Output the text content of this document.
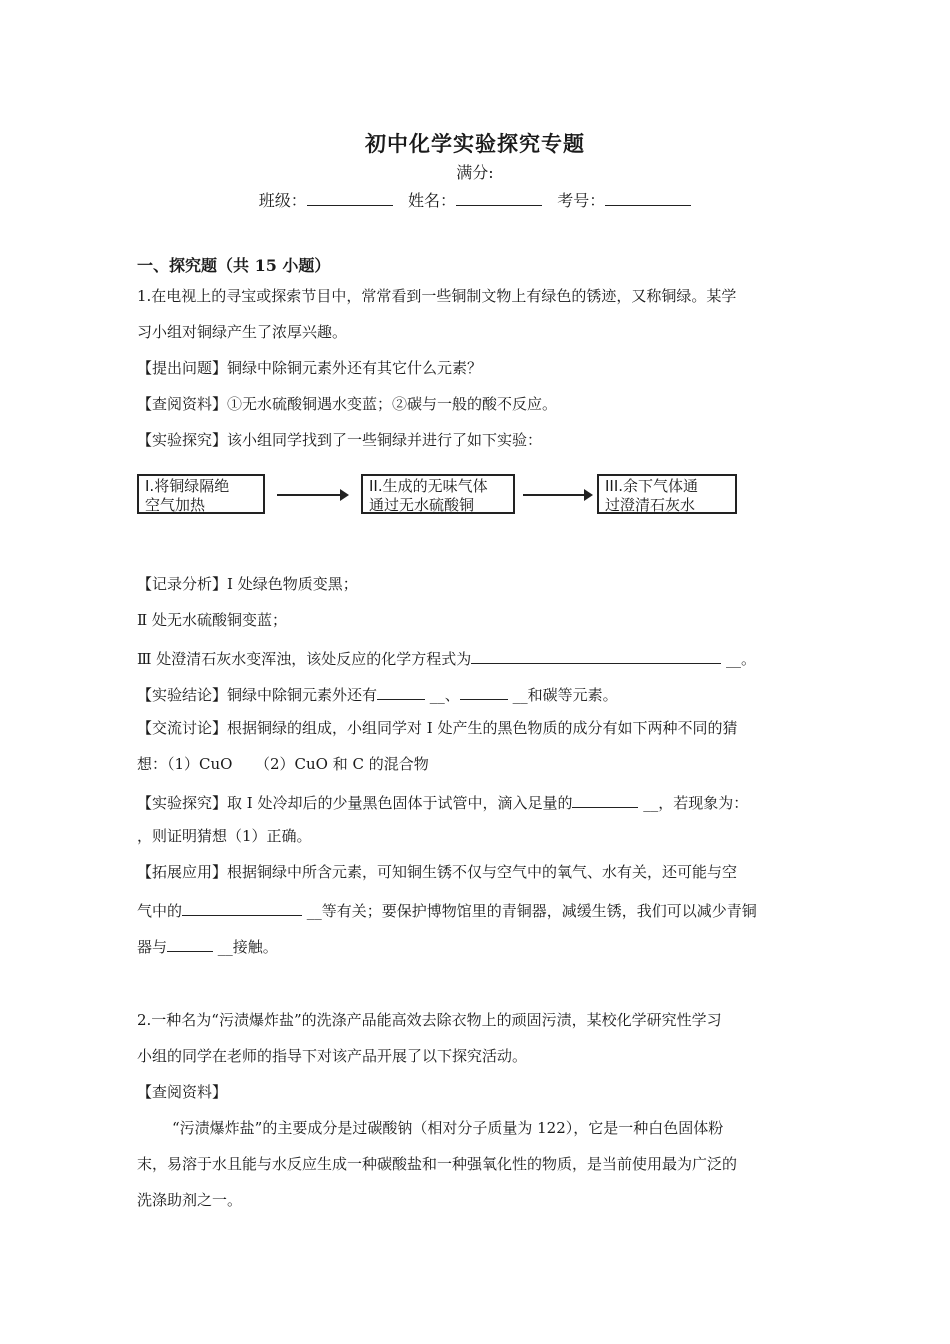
初中化学实验探究专题
满分:
班级：	姓名：	考号：
一、探究题（共 15 小题）
1.在电视上的寻宝或探索节目中，常常看到一些铜制文物上有绿色的锈迹，又称铜绿。某学
习小组对铜绿产生了浓厚兴趣。
【提出问题】铜绿中除铜元素外还有其它什么元素？
【查阅资料】①无水硫酸铜遇水变蓝；②碳与一般的酸不反应。
【实验探究】该小组同学找到了一些铜绿并进行了如下实验：
I.将铜绿隔绝
空气加热
II.生成的无味气体
通过无水硫酸铜
III.余下气体通
过澄清石灰水
【记录分析】I 处绿色物质变黑；
Ⅱ 处无水硫酸铜变蓝；
Ⅲ 处澄清石灰水变浑浊，该处反应的化学方程式为	__。
【实验结论】铜绿中除铜元素外还有	__、	__和碳等元素。
【交流讨论】根据铜绿的组成，小组同学对 I 处产生的黑色物质的成分有如下两种不同的猜
想：（1）CuO　　（2）CuO 和 C 的混合物
【实验探究】取 I 处冷却后的少量黑色固体于试管中，滴入足量的	__，若现象为：
，则证明猜想（1）正确。
【拓展应用】根据铜绿中所含元素，可知铜生锈不仅与空气中的氧气、水有关，还可能与空
气中的	__等有关；要保护博物馆里的青铜器，减缓生锈，我们可以减少青铜
器与	__接触。
2.一种名为“污渍爆炸盐”的洗涤产品能高效去除衣物上的顽固污渍，某校化学研究性学习
小组的同学在老师的指导下对该产品开展了以下探究活动。
【查阅资料】
“污渍爆炸盐”的主要成分是过碳酸钠（相对分子质量为 122），它是一种白色固体粉
末，易溶于水且能与水反应生成一种碳酸盐和一种强氧化性的物质，是当前使用最为广泛的
洗涤助剂之一。
